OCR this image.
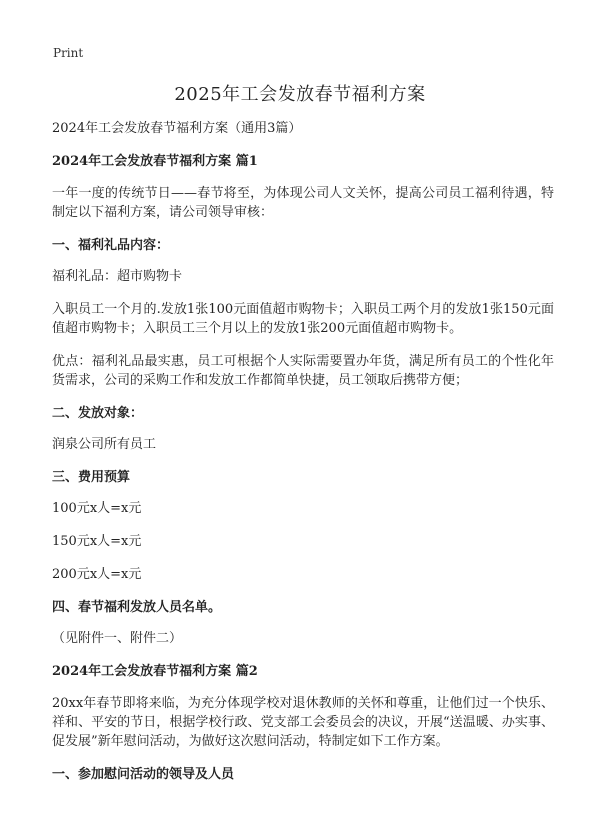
Print
2025年工会发放春节福利方案

2024年工会发放春节福利方案（通用3篇）

2024年工会发放春节福利方案 篇1

一年一度的传统节日——春节将至，为体现公司人文关怀，提高公司员工福利待遇，特制定以下福利方案，请公司领导审核：

一、福利礼品内容：

福利礼品：超市购物卡

入职员工一个月的.发放1张100元面值超市购物卡；入职员工两个月的发放1张150元面值超市购物卡；入职员工三个月以上的发放1张200元面值超市购物卡。

优点：福利礼品最实惠，员工可根据个人实际需要置办年货，满足所有员工的个性化年货需求，公司的采购工作和发放工作都简单快捷，员工领取后携带方便；

二、发放对象：

润泉公司所有员工

三、费用预算

100元x人=x元

150元x人=x元

200元x人=x元

四、春节福利发放人员名单。

（见附件一、附件二）

2024年工会发放春节福利方案 篇2

20xx年春节即将来临，为充分体现学校对退休教师的关怀和尊重，让他们过一个快乐、祥和、平安的节日，根据学校行政、党支部工会委员会的决议，开展“送温暖、办实事、促发展”新年慰问活动，为做好这次慰问活动，特制定如下工作方案。

一、参加慰问活动的领导及人员
